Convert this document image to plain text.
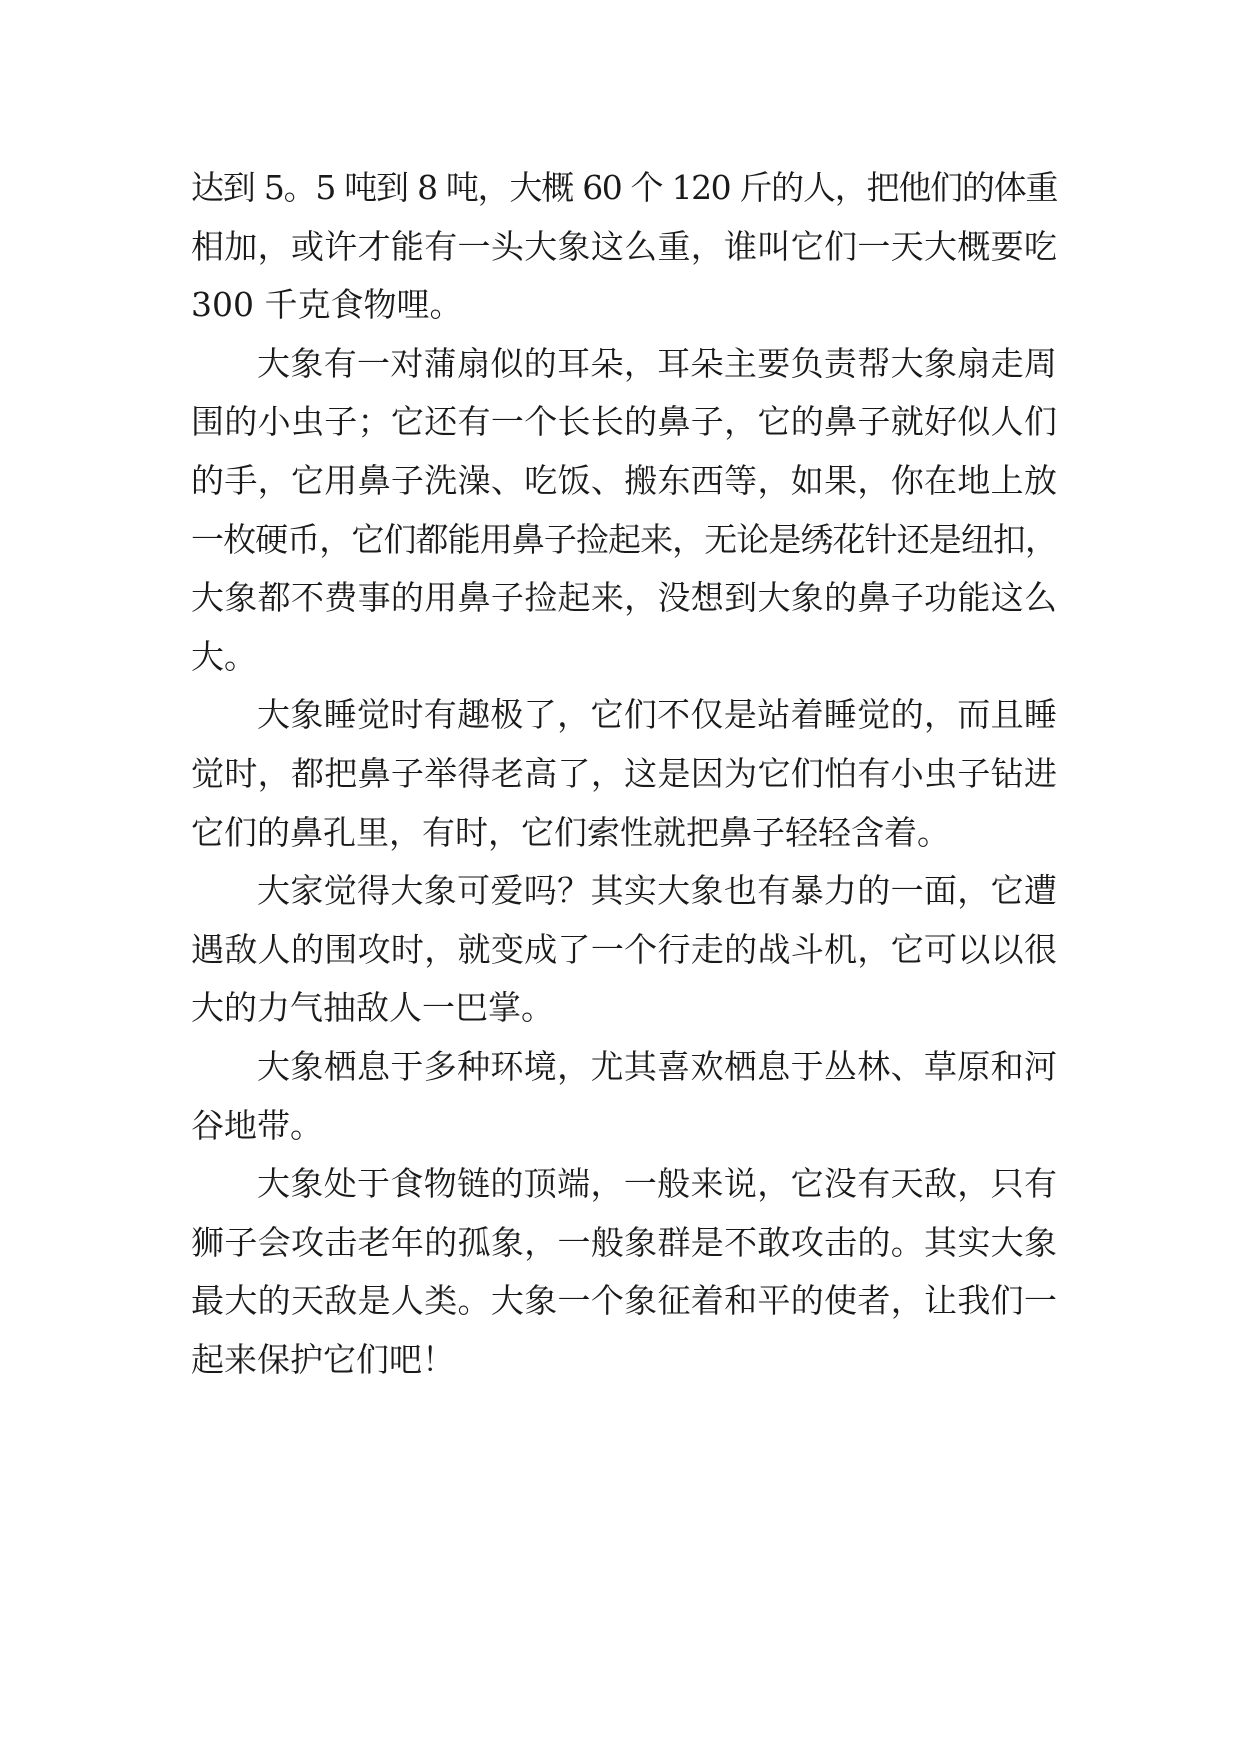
达到 5。5 吨到 8 吨，大概 60 个 120 斤的人，把他们的体重
相加，或许才能有一头大象这么重，谁叫它们一天大概要吃
300 千克食物哩。

大象有一对蒲扇似的耳朵，耳朵主要负责帮大象扇走周
围的小虫子；它还有一个长长的鼻子，它的鼻子就好似人们
的手，它用鼻子洗澡、吃饭、搬东西等，如果，你在地上放
一枚硬币，它们都能用鼻子捡起来，无论是绣花针还是纽扣，
大象都不费事的用鼻子捡起来，没想到大象的鼻子功能这么
大。

大象睡觉时有趣极了，它们不仅是站着睡觉的，而且睡
觉时，都把鼻子举得老高了，这是因为它们怕有小虫子钻进
它们的鼻孔里，有时，它们索性就把鼻子轻轻含着。

大家觉得大象可爱吗？其实大象也有暴力的一面，它遭
遇敌人的围攻时，就变成了一个行走的战斗机，它可以以很
大的力气抽敌人一巴掌。

大象栖息于多种环境，尤其喜欢栖息于丛林、草原和河
谷地带。

大象处于食物链的顶端，一般来说，它没有天敌，只有
狮子会攻击老年的孤象，一般象群是不敢攻击的。其实大象
最大的天敌是人类。大象一个象征着和平的使者，让我们一
起来保护它们吧！
